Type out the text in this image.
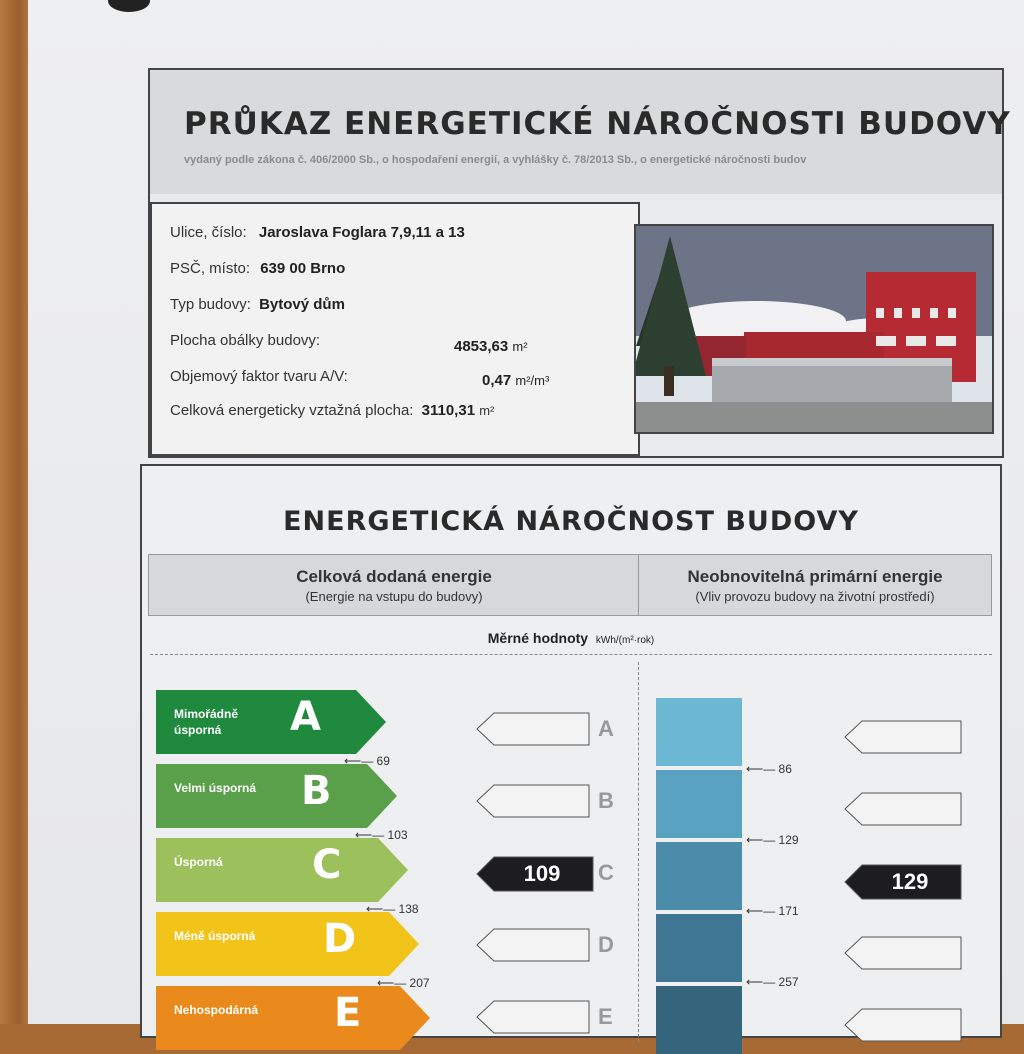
PRŮKAZ ENERGETICKÉ NÁROČNOSTI BUDOVY
vydaný podle zákona č. 406/2000 Sb., o hospodaření energií, a vyhlášky č. 78/2013 Sb., o energetické náročnosti budov
Ulice, číslo: Jaroslava Foglara 7,9,11 a 13
PSČ, místo: 639 00 Brno
Typ budovy: Bytový dům
Plocha obálky budovy:	4853,63 m²
Objemový faktor tvaru A/V:	0,47 m²/m³
Celková energeticky vztažná plocha: 3110,31 m²
ENERGETICKÁ NÁROČNOST BUDOVY
Celková dodaná energie
(Energie na vstupu do budovy)
Neobnovitelná primární energie
(Vliv provozu budovy na životní prostředí)
Měrné hodnoty kWh/(m²·rok)
Mimořádně úsporná	A
Velmi úsporná B
Úsporná	C
Méně úsporná D
Nehospodárná E
⟵— 69
⟵— 103
⟵— 138
⟵— 207
⟵— 86
⟵— 129
⟵— 171
⟵— 257
A
B
109	C
D
E
129
